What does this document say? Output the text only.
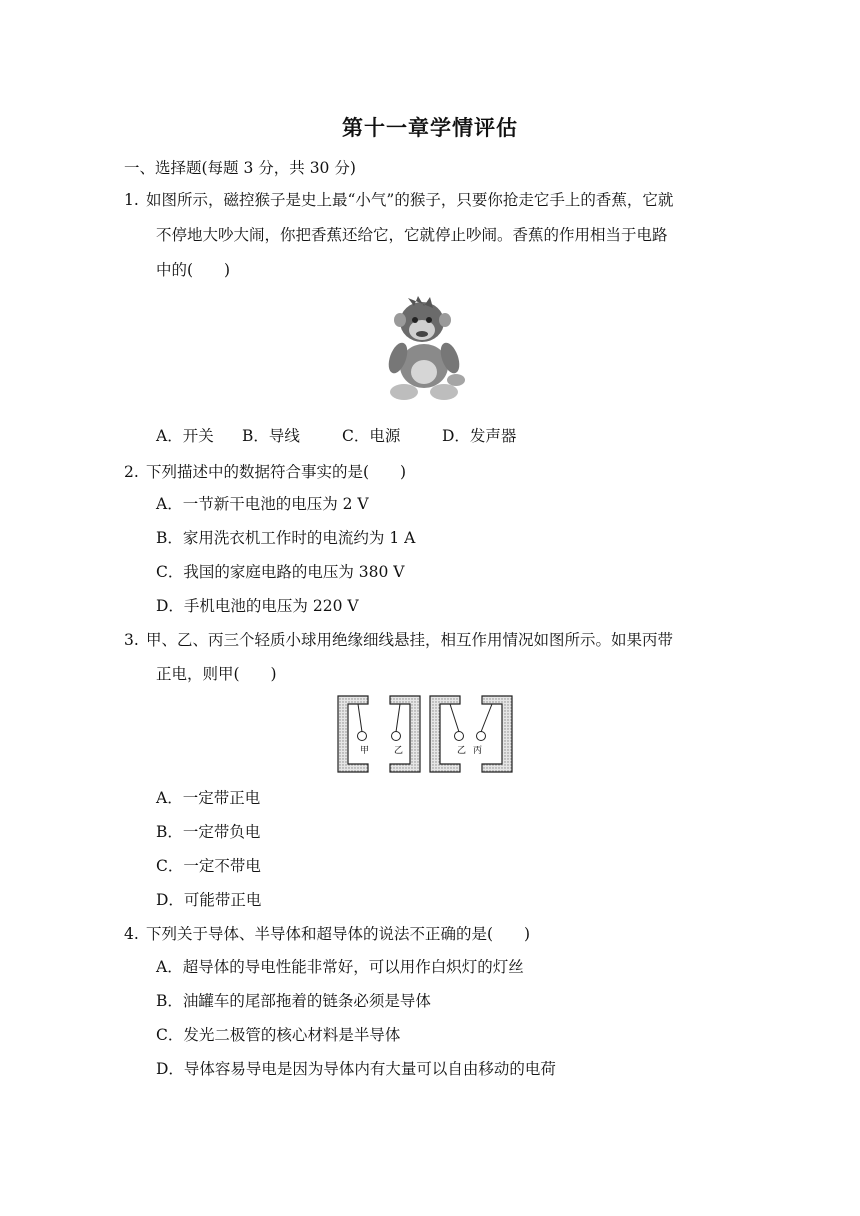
第十一章学情评估
一、选择题(每题 3 分，共 30 分)
1. 如图所示，磁控猴子是史上最“小气”的猴子，只要你抢走它手上的香蕉，它就
不停地大吵大闹，你把香蕉还给它，它就停止吵闹。香蕉的作用相当于电路
中的(　　)
A．开关 B．导线	C．电源	D．发声器
2. 下列描述中的数据符合事实的是(　　)
A．一节新干电池的电压为 2 V
B．家用洗衣机工作时的电流约为 1 A
C．我国的家庭电路的电压为 380 V
D．手机电池的电压为 220 V
3. 甲、乙、丙三个轻质小球用绝缘细线悬挂，相互作用情况如图所示。如果丙带
正电，则甲(　　)
甲	乙	乙 丙
A．一定带正电
B．一定带负电
C．一定不带电
D．可能带正电
4. 下列关于导体、半导体和超导体的说法不正确的是(　　)
A．超导体的导电性能非常好，可以用作白炽灯的灯丝
B．油罐车的尾部拖着的链条必须是导体
C．发光二极管的核心材料是半导体
D．导体容易导电是因为导体内有大量可以自由移动的电荷
